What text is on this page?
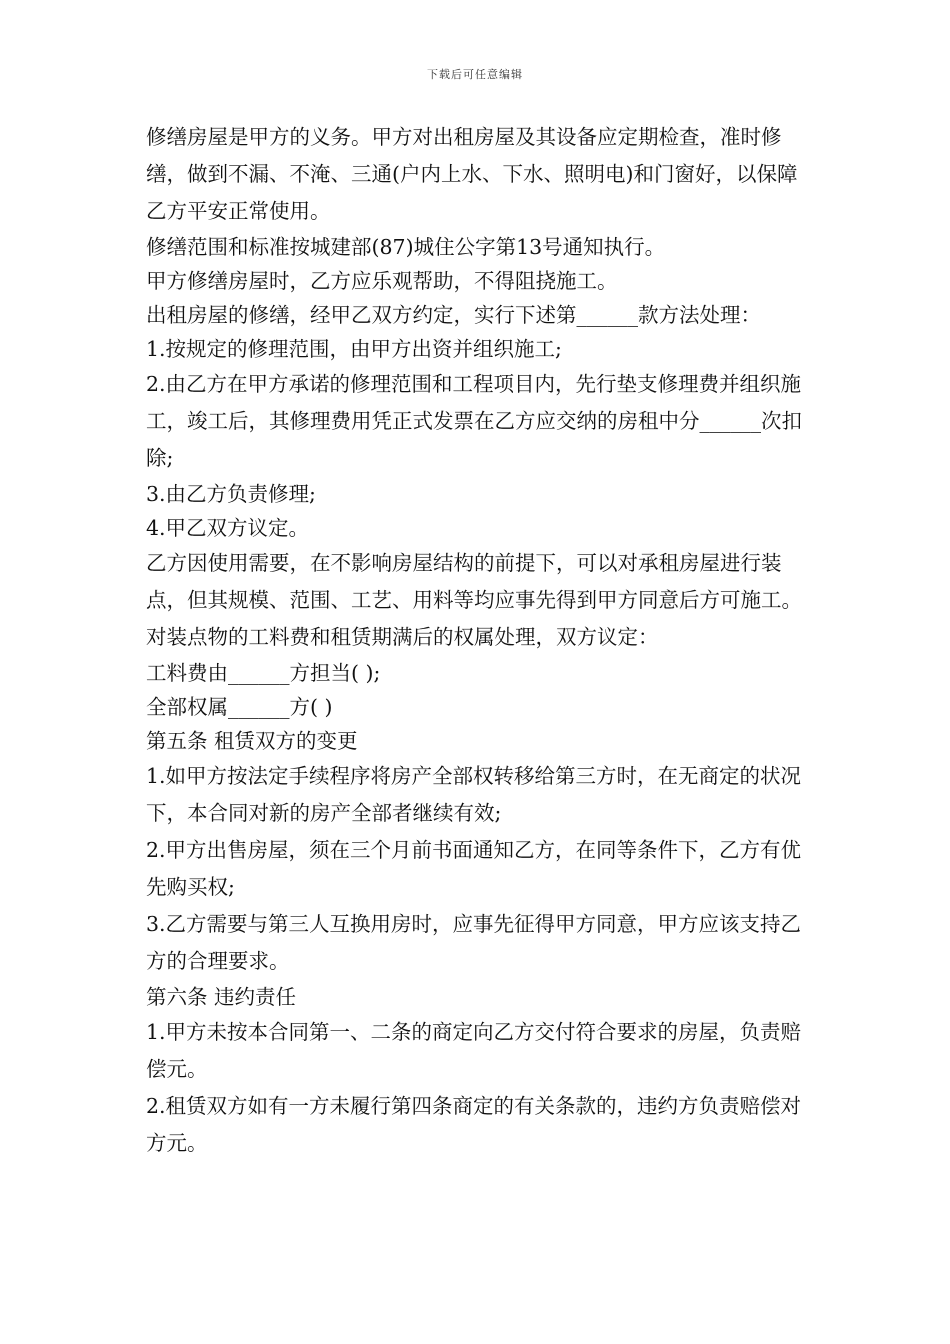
下载后可任意编辑

修缮房屋是甲方的义务。甲方对出租房屋及其设备应定期检查，准时修缮，做到不漏、不淹、三通(户内上水、下水、照明电)和门窗好，以保障乙方平安正常使用。

修缮范围和标准按城建部(87)城住公字第13号通知执行。

甲方修缮房屋时，乙方应乐观帮助，不得阻挠施工。

出租房屋的修缮，经甲乙双方约定，实行下述第______款方法处理：

1.按规定的修理范围，由甲方出资并组织施工;

2.由乙方在甲方承诺的修理范围和工程项目内，先行垫支修理费并组织施工，竣工后，其修理费用凭正式发票在乙方应交纳的房租中分______次扣除;

3.由乙方负责修理;

4.甲乙双方议定。

乙方因使用需要，在不影响房屋结构的前提下，可以对承租房屋进行装点，但其规模、范围、工艺、用料等均应事先得到甲方同意后方可施工。对装点物的工料费和租赁期满后的权属处理，双方议定：

工料费由______方担当( );

全部权属______方( )

第五条 租赁双方的变更

1.如甲方按法定手续程序将房产全部权转移给第三方时，在无商定的状况下，本合同对新的房产全部者继续有效;

2.甲方出售房屋，须在三个月前书面通知乙方，在同等条件下，乙方有优先购买权;

3.乙方需要与第三人互换用房时，应事先征得甲方同意，甲方应该支持乙方的合理要求。

第六条 违约责任

1.甲方未按本合同第一、二条的商定向乙方交付符合要求的房屋，负责赔偿元。

2.租赁双方如有一方未履行第四条商定的有关条款的，违约方负责赔偿对方元。
